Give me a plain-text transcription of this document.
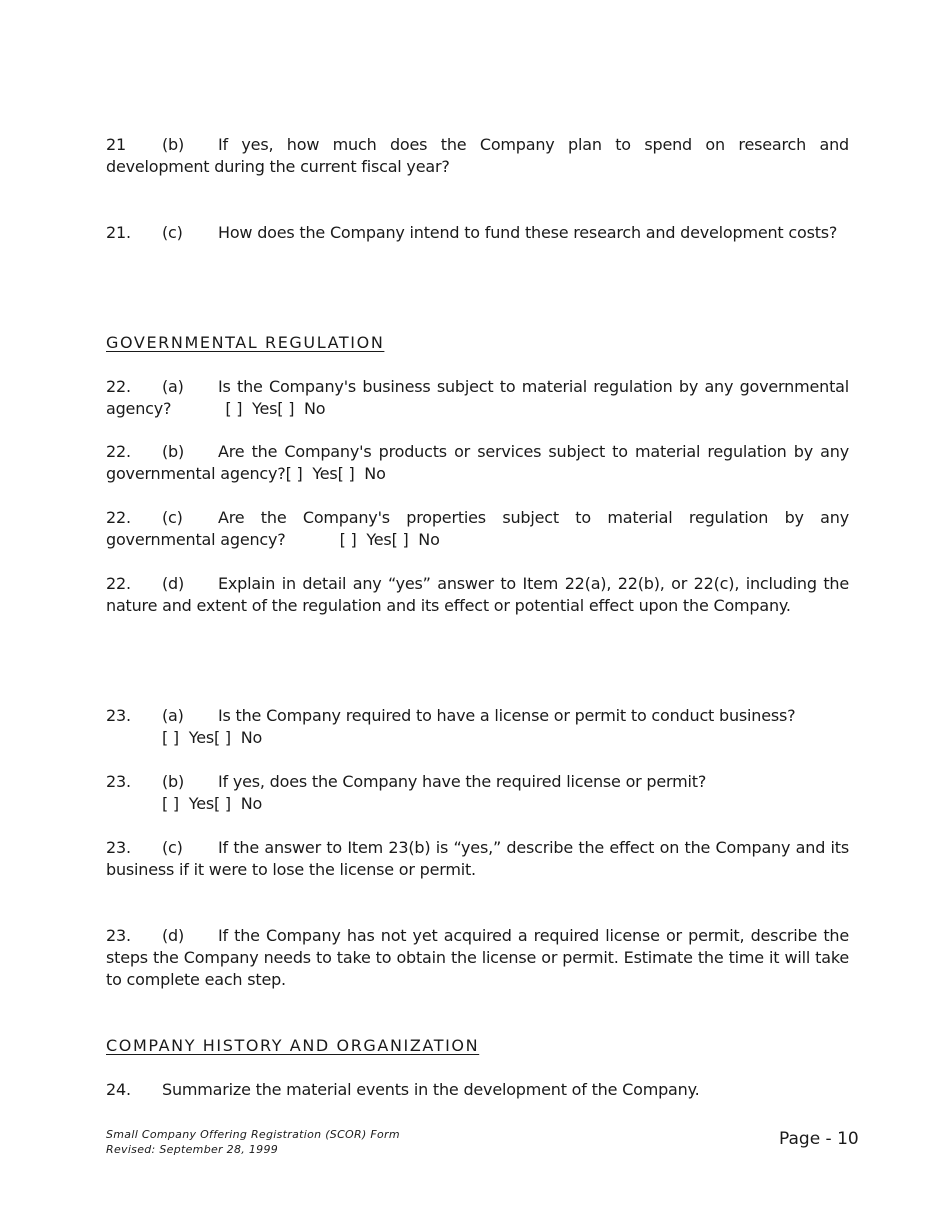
21 (b) If yes, how much does the Company plan to spend on research and development during the current fiscal year?
21. (c) How does the Company intend to fund these research and development costs?
GOVERNMENTAL REGULATION
22. (a) Is the Company's business subject to material regulation by any governmental agency?	[ ]  Yes[ ]  No
22. (b) Are the Company's products or services subject to material regulation by any governmental agency?[ ]  Yes[ ]  No
22. (c) Are the Company's properties subject to material regulation by any governmental agency?	[ ]  Yes[ ]  No
22. (d) Explain in detail any “yes” answer to Item 22(a), 22(b), or 22(c), including the nature and extent of the regulation and its effect or potential effect upon the Company.
23. (a) Is the Company required to have a license or permit to conduct business?
[ ]  Yes[ ]  No
23. (b) If yes, does the Company have the required license or permit?
[ ]  Yes[ ]  No
23. (c) If the answer to Item 23(b) is “yes,” describe the effect on the Company and its business if it were to lose the license or permit.
23. (d) If the Company has not yet acquired a required license or permit, describe the steps the Company needs to take to obtain the license or permit. Estimate the time it will take to complete each step.
COMPANY HISTORY AND ORGANIZATION
24. Summarize the material events in the development of the Company.
Small Company Offering Registration (SCOR) Form
Revised: September 28, 1999
Page - 10
